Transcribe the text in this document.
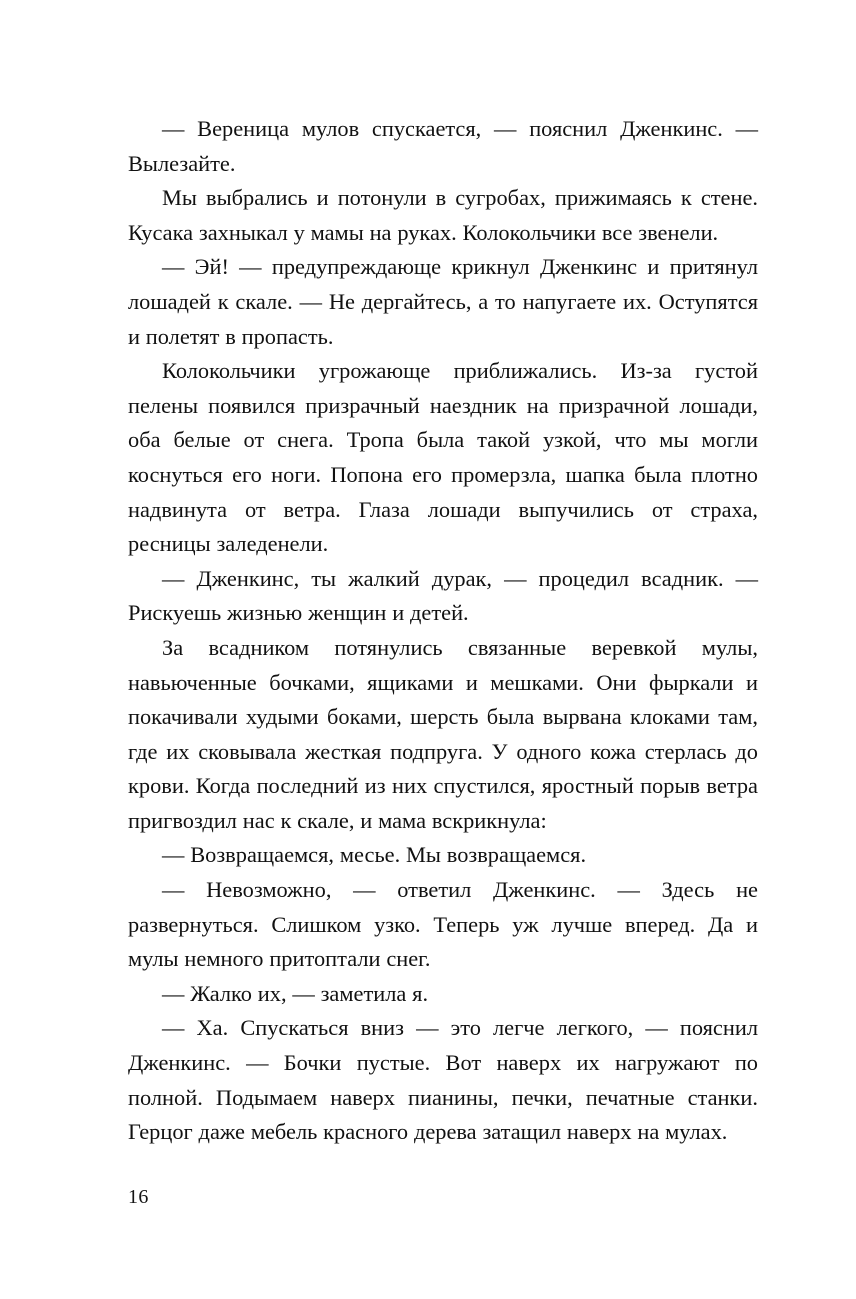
— Вереница мулов спускается, — пояснил Дженкинс. — Вылезайте.

Мы выбрались и потонули в сугробах, прижимаясь к стене. Кусака захныкал у мамы на руках. Колокольчики все звенели.

— Эй! — предупреждающе крикнул Дженкинс и притянул лошадей к скале. — Не дергайтесь, а то напугаете их. Оступятся и полетят в пропасть.

Колокольчики угрожающе приближались. Из-за густой пелены появился призрачный наездник на призрачной лошади, оба белые от снега. Тропа была такой узкой, что мы могли коснуться его ноги. Попона его промерзла, шапка была плотно надвинута от ветра. Глаза лошади выпучились от страха, ресницы заледенели.

— Дженкинс, ты жалкий дурак, — процедил всадник. — Рискуешь жизнью женщин и детей.

За всадником потянулись связанные веревкой мулы, навьюченные бочками, ящиками и мешками. Они фыркали и покачивали худыми боками, шерсть была вырвана клоками там, где их сковывала жесткая подпруга. У одного кожа стерлась до крови. Когда последний из них спустился, яростный порыв ветра пригвоздил нас к скале, и мама вскрикнула:

— Возвращаемся, месье. Мы возвращаемся.

— Невозможно, — ответил Дженкинс. — Здесь не развернуться. Слишком узко. Теперь уж лучше вперед. Да и мулы немного притоптали снег.

— Жалко их, — заметила я.

— Ха. Спускаться вниз — это легче легкого, — пояснил Дженкинс. — Бочки пустые. Вот наверх их нагружают по полной. Подымаем наверх пианины, печки, печатные станки. Герцог даже мебель красного дерева затащил наверх на мулах.

16
